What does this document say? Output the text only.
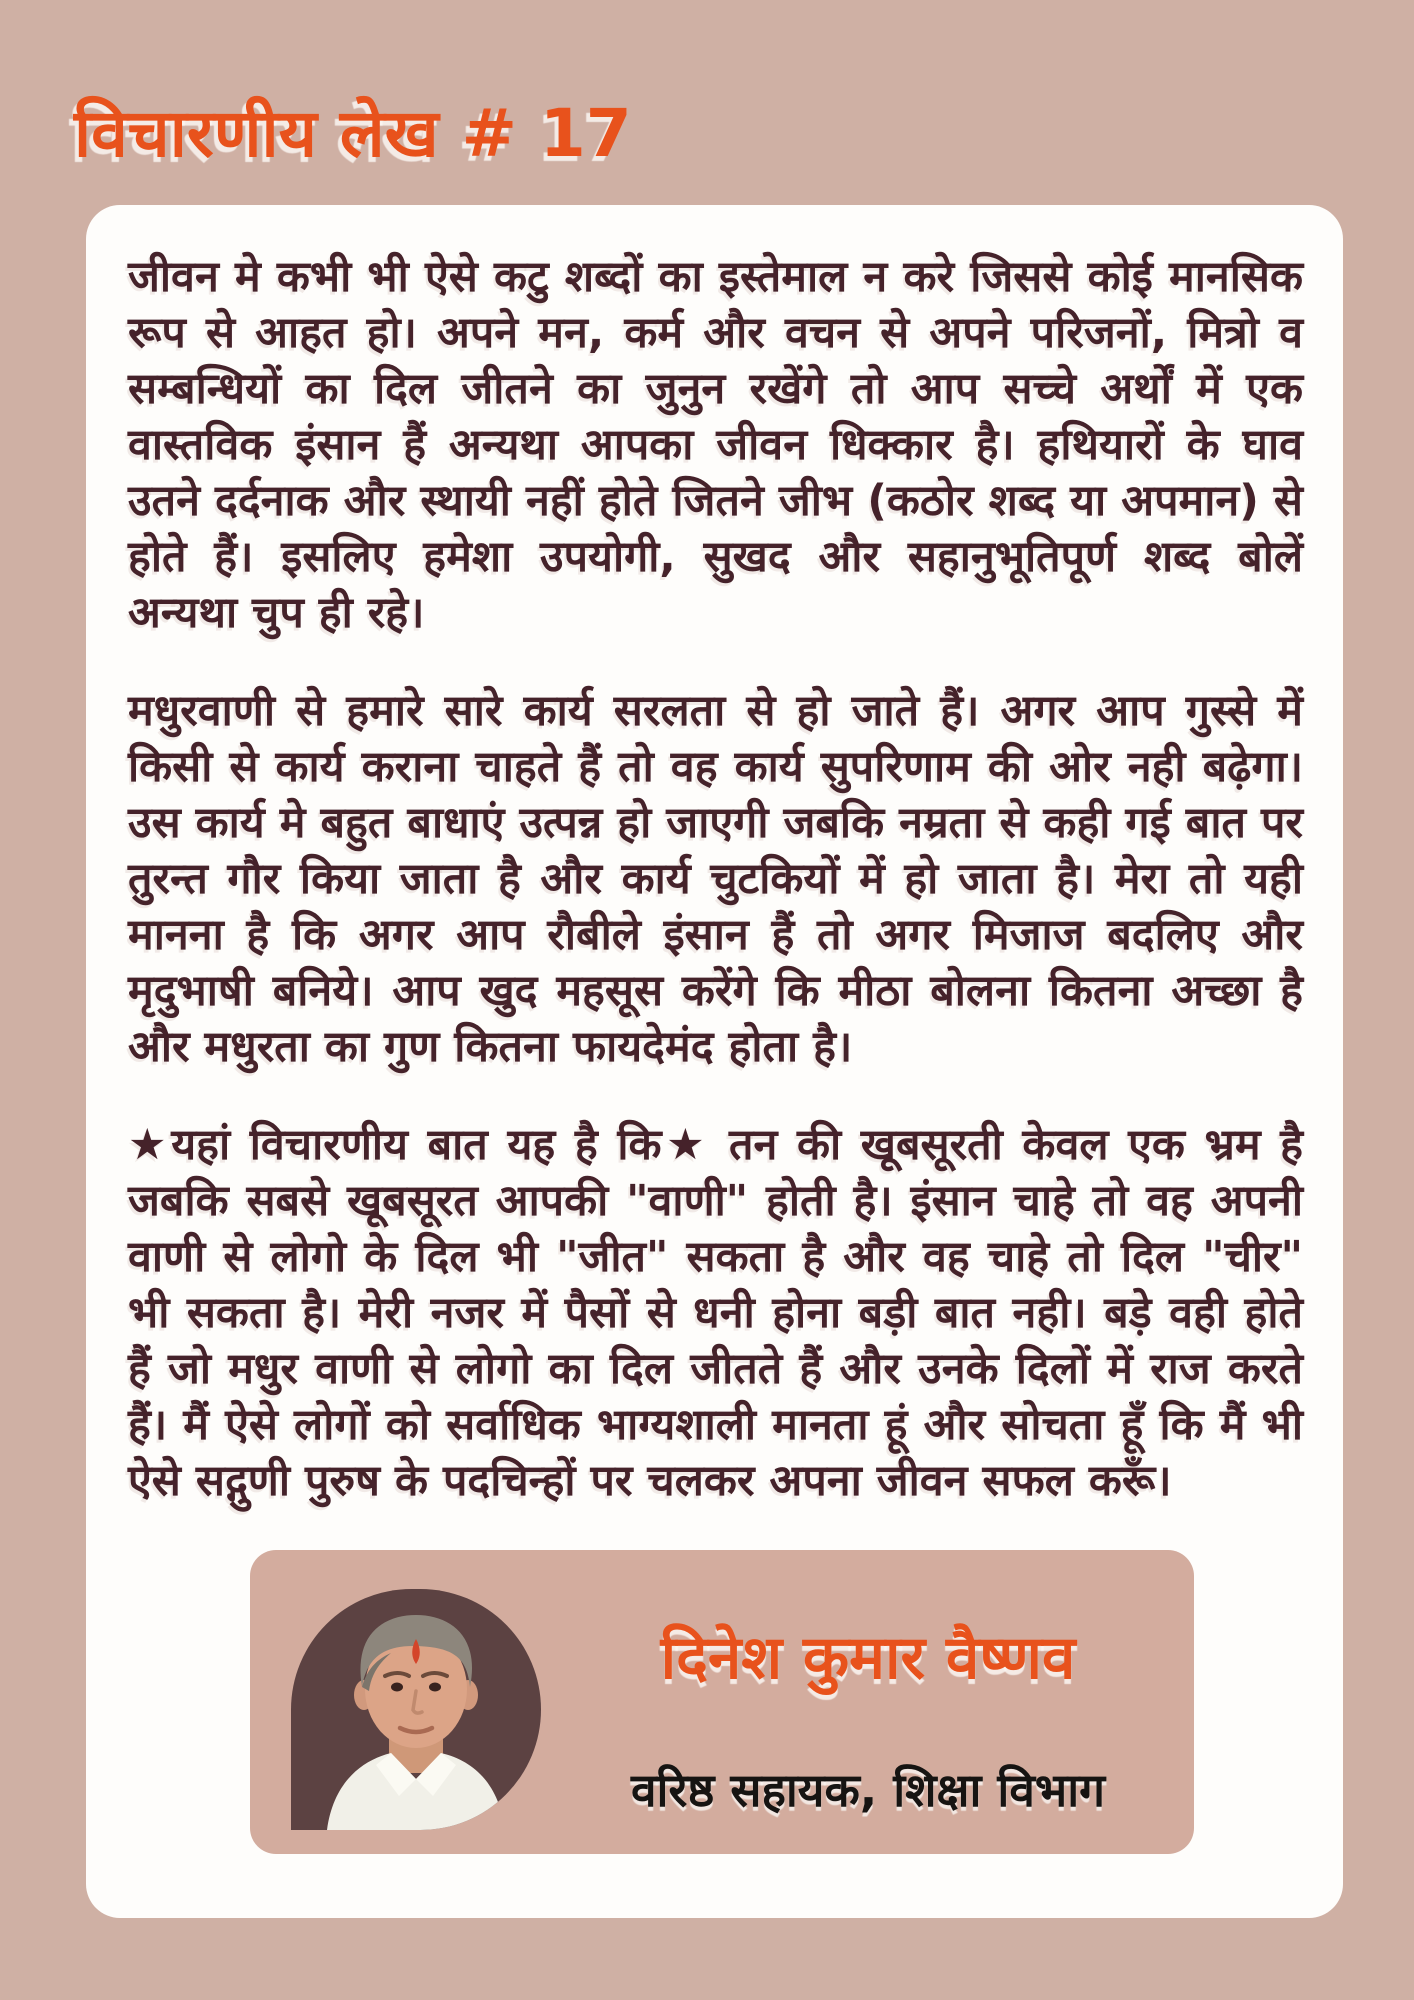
विचारणीय लेख # 17

जीवन मे कभी भी ऐसे कटु शब्दों का इस्तेमाल न करे जिससे कोई मानसिक रूप से आहत हो। अपने मन, कर्म और वचन से अपने परिजनों, मित्रो व सम्बन्धियों का दिल जीतने का जुनुन रखेंगे तो आप सच्चे अर्थों में एक वास्तविक इंसान हैं अन्यथा आपका जीवन धिक्कार है। हथियारों के घाव उतने दर्दनाक और स्थायी नहीं होते जितने जीभ (कठोर शब्द या अपमान) से होते हैं। इसलिए हमेशा उपयोगी, सुखद और सहानुभूतिपूर्ण शब्द बोलें अन्यथा चुप ही रहे।

मधुरवाणी से हमारे सारे कार्य सरलता से हो जाते हैं। अगर आप गुस्से में किसी से कार्य कराना चाहते हैं तो वह कार्य सुपरिणाम की ओर नही बढ़ेगा। उस कार्य मे बहुत बाधाएं उत्पन्न हो जाएगी जबकि नम्रता से कही गई बात पर तुरन्त गौर किया जाता है और कार्य चुटकियों में हो जाता है। मेरा तो यही मानना है कि अगर आप रौबीले इंसान हैं तो अगर मिजाज बदलिए और मृदुभाषी बनिये। आप खुद महसूस करेंगे कि मीठा बोलना कितना अच्छा है और मधुरता का गुण कितना फायदेमंद होता है।

★यहां विचारणीय बात यह है कि★ तन की खूबसूरती केवल एक भ्रम है जबकि सबसे खूबसूरत आपकी "वाणी" होती है। इंसान चाहे तो वह अपनी वाणी से लोगो के दिल भी "जीत" सकता है और वह चाहे तो दिल "चीर" भी सकता है। मेरी नजर में पैसों से धनी होना बड़ी बात नही। बड़े वही होते हैं जो मधुर वाणी से लोगो का दिल जीतते हैं और उनके दिलों में राज करते हैं। मैं ऐसे लोगों को सर्वाधिक भाग्यशाली मानता हूं और सोचता हूँ कि मैं भी ऐसे सद्गुणी पुरुष के पदचिन्हों पर चलकर अपना जीवन सफल करूँ।

दिनेश कुमार वैष्णव
वरिष्ठ सहायक, शिक्षा विभाग
